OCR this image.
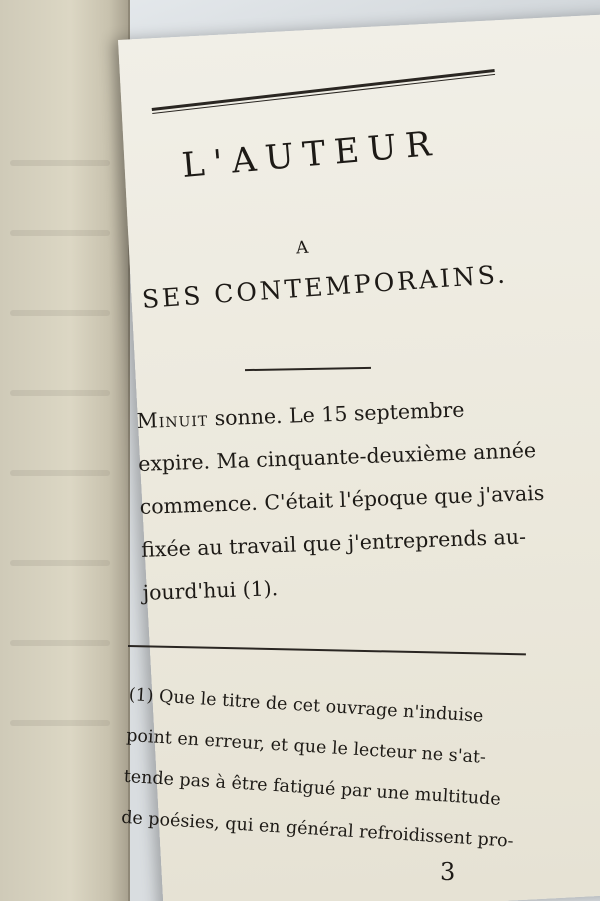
L'AUTEUR
A
SES CONTEMPORAINS.
Minuit sonne. Le 15 septembre
expire. Ma cinquante-deuxième année
commence. C'était l'époque que j'avais
fixée au travail que j'entreprends au-
jourd'hui (1).
(1) Que le titre de cet ouvrage n'induise
point en erreur, et que le lecteur ne s'at-
tende pas à être fatigué par une multitude
de poésies, qui en général refroidissent pro-
3
